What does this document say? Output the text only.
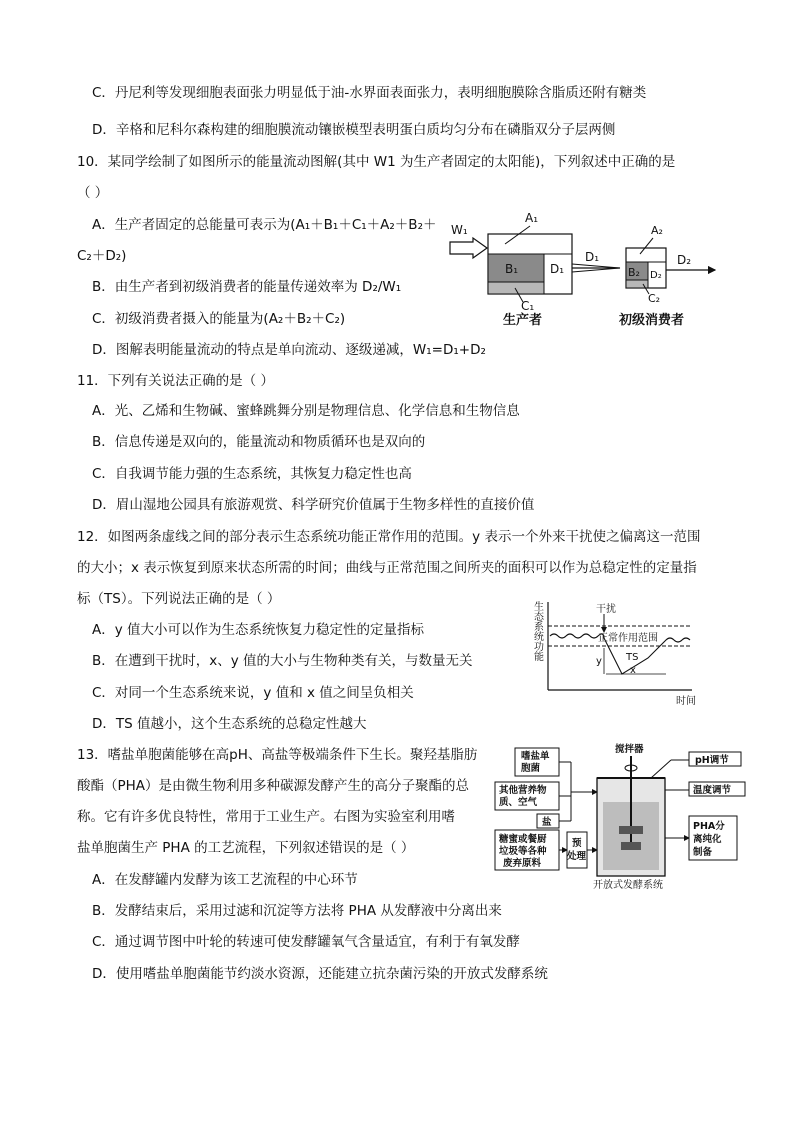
C．丹尼利等发现细胞表面张力明显低于油-水界面表面张力，表明细胞膜除含脂质还附有糖类
D．辛格和尼科尔森构建的细胞膜流动镶嵌模型表明蛋白质均匀分布在磷脂双分子层两侧
10．某同学绘制了如图所示的能量流动图解(其中 W1 为生产者固定的太阳能)，下列叙述中正确的是
（ ）
A．生产者固定的总能量可表示为(A₁＋B₁＋C₁＋A₂＋B₂＋
C₂＋D₂)
B．由生产者到初级消费者的能量传递效率为 D₂/W₁
C．初级消费者摄入的能量为(A₂＋B₂＋C₂)
D．图解表明能量流动的特点是单向流动、逐级递减，W₁=D₁+D₂
11．下列有关说法正确的是（ ）
A．光、乙烯和生物碱、蜜蜂跳舞分别是物理信息、化学信息和生物信息
B．信息传递是双向的，能量流动和物质循环也是双向的
C．自我调节能力强的生态系统，其恢复力稳定性也高
D．眉山湿地公园具有旅游观赏、科学研究价值属于生物多样性的直接价值
12．如图两条虚线之间的部分表示生态系统功能正常作用的范围。y 表示一个外来干扰使之偏离这一范围
的大小；x 表示恢复到原来状态所需的时间；曲线与正常范围之间所夹的面积可以作为总稳定性的定量指
标（TS）。下列说法正确的是（ ）
A．y 值大小可以作为生态系统恢复力稳定性的定量指标
B．在遭到干扰时，x、y 值的大小与生物种类有关，与数量无关
C．对同一个生态系统来说，y 值和 x 值之间呈负相关
D．TS 值越小，这个生态系统的总稳定性越大
13．嗜盐单胞菌能够在高pH、高盐等极端条件下生长。聚羟基脂肪
酸酯（PHA）是由微生物利用多种碳源发酵产生的高分子聚酯的总
称。它有许多优良特性，常用于工业生产。右图为实验室利用嗜
盐单胞菌生产 PHA 的工艺流程，下列叙述错误的是（ ）
A．在发酵罐内发酵为该工艺流程的中心环节
B．发酵结束后，采用过滤和沉淀等方法将 PHA 从发酵液中分离出来
C．通过调节图中叶轮的转速可使发酵罐氧气含量适宜，有利于有氧发酵
D．使用嗜盐单胞菌能节约淡水资源，还能建立抗杂菌污染的开放式发酵系统
W₁
B₁	D₁
A₁
C₁
D₁
B₂ D₂
A₂
C₂
D₂
生产者	初级消费者
生态系统功能
干扰
正常作用范围
TS
y
x
时间
嗜盐单胞菌
其他营养物质、空气
盐
糖蜜或餐厨垃圾等各种废弃原料
预处理
搅拌器
pH调节
温度调节
PHA分离纯化制备
开放式发酵系统
